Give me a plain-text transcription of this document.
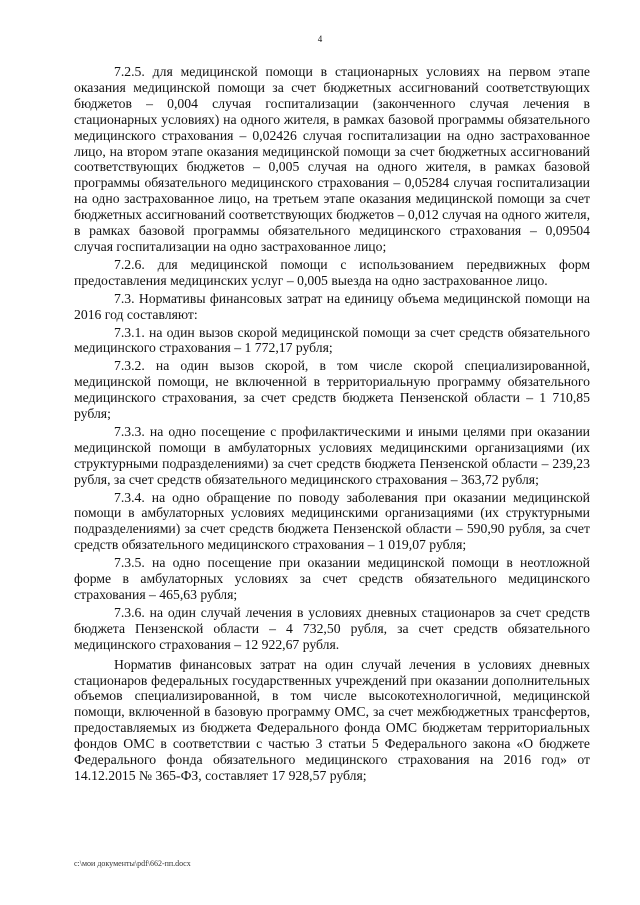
4

7.2.5. для медицинской помощи в стационарных условиях на первом этапе оказания медицинской помощи за счет бюджетных ассигнований соответствующих бюджетов – 0,004 случая госпитализации (законченного случая лечения в стационарных условиях) на одного жителя, в рамках базовой программы обязательного медицинского страхования – 0,02426 случая госпитализации на одно застрахованное лицо, на втором этапе оказания медицинской помощи за счет бюджетных ассигнований соответствующих бюджетов – 0,005 случая на одного жителя, в рамках базовой программы обязательного медицинского страхования – 0,05284 случая госпитализации на одно застрахованное лицо, на третьем этапе оказания медицинской помощи за счет бюджетных ассигнований соответствующих бюджетов – 0,012 случая на одного жителя, в рамках базовой программы обязательного медицинского страхования – 0,09504 случая госпитализации на одно застрахованное лицо;

7.2.6. для медицинской помощи с использованием передвижных форм предоставления медицинских услуг – 0,005 выезда на одно застрахованное лицо.

7.3. Нормативы финансовых затрат на единицу объема медицинской помощи на 2016 год составляют:

7.3.1. на один вызов скорой медицинской помощи за счет средств обязательного медицинского страхования – 1 772,17 рубля;

7.3.2. на один вызов скорой, в том числе скорой специализированной, медицинской помощи, не включенной в территориальную программу обязательного медицинского страхования, за счет средств бюджета Пензенской области – 1 710,85 рубля;

7.3.3. на одно посещение с профилактическими и иными целями при оказании медицинской помощи в амбулаторных условиях медицинскими организациями (их структурными подразделениями) за счет средств бюджета Пензенской области – 239,23 рубля, за счет средств обязательного медицинского страхования – 363,72 рубля;

7.3.4. на одно обращение по поводу заболевания при оказании медицинской помощи в амбулаторных условиях медицинскими организациями (их структурными подразделениями) за счет средств бюджета Пензенской области – 590,90 рубля, за счет средств обязательного медицинского страхования – 1 019,07 рубля;

7.3.5. на одно посещение при оказании медицинской помощи в неотложной форме в амбулаторных условиях за счет средств обязательного медицинского страхования – 465,63 рубля;

7.3.6. на один случай лечения в условиях дневных стационаров за счет средств бюджета Пензенской области – 4 732,50 рубля, за счет средств обязательного медицинского страхования – 12 922,67 рубля.

Норматив финансовых затрат на один случай лечения в условиях дневных стационаров федеральных государственных учреждений при оказании дополнительных объемов специализированной, в том числе высокотехнологичной, медицинской помощи, включенной в базовую программу ОМС, за счет межбюджетных трансфертов, предоставляемых из бюджета Федерального фонда ОМС бюджетам территориальных фондов ОМС в соответствии с частью 3 статьи 5 Федерального закона «О бюджете Федерального фонда обязательного медицинского страхования на 2016 год» от 14.12.2015 № 365-ФЗ, составляет 17 928,57 рубля;

c:\мои документы\pdf\662-пп.docx
